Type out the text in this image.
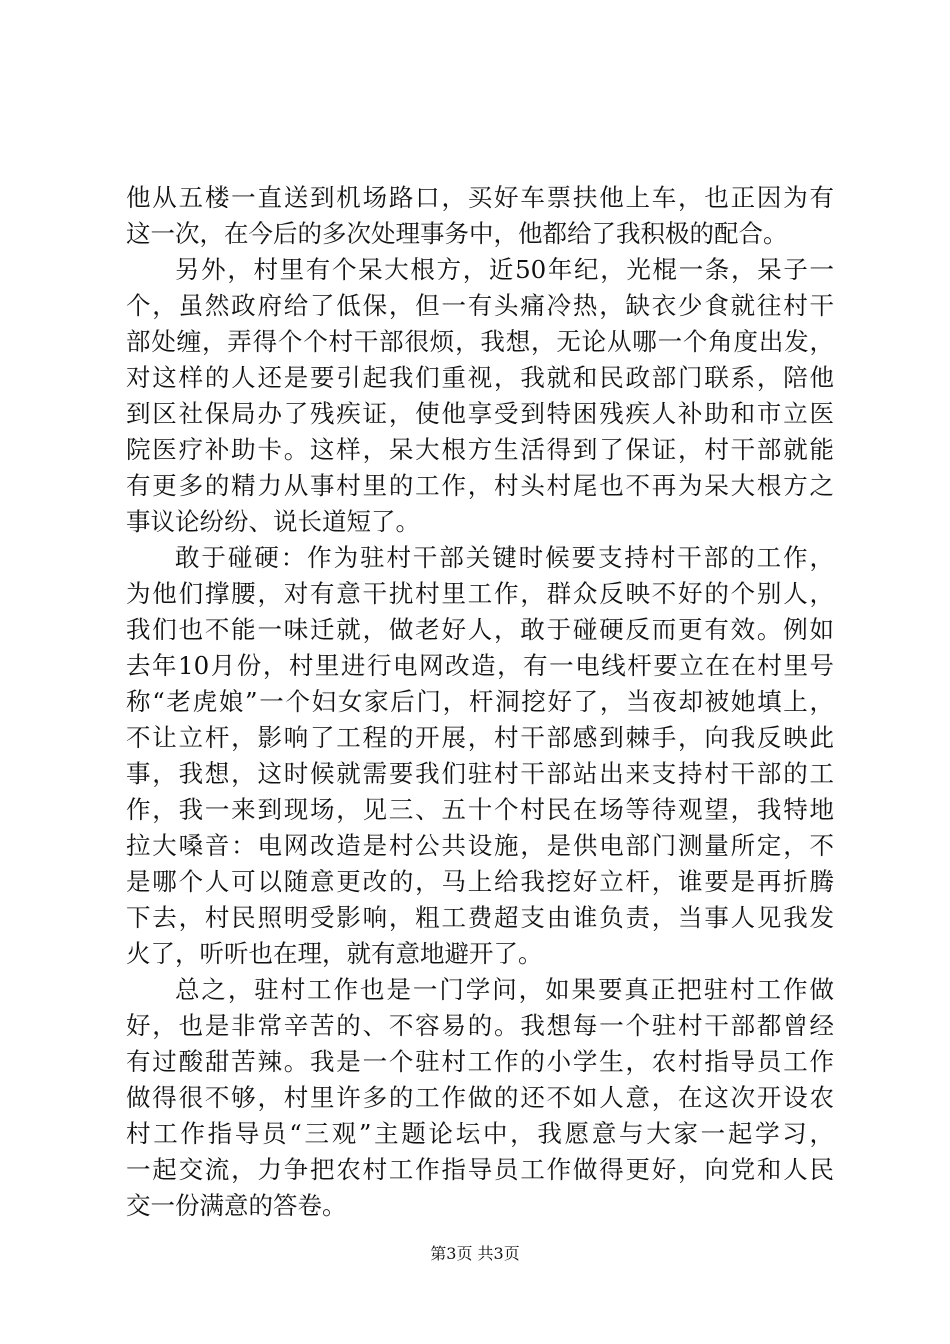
他从五楼一直送到机场路口，买好车票扶他上车，也正因为有
这一次，在今后的多次处理事务中，他都给了我积极的配合。
另外，村里有个呆大根方，近50年纪，光棍一条，呆子一
个，虽然政府给了低保，但一有头痛冷热，缺衣少食就往村干
部处缠，弄得个个村干部很烦，我想，无论从哪一个角度出发，
对这样的人还是要引起我们重视，我就和民政部门联系，陪他
到区社保局办了残疾证，使他享受到特困残疾人补助和市立医
院医疗补助卡。这样，呆大根方生活得到了保证，村干部就能
有更多的精力从事村里的工作，村头村尾也不再为呆大根方之
事议论纷纷、说长道短了。
敢于碰硬：作为驻村干部关键时候要支持村干部的工作，
为他们撑腰，对有意干扰村里工作，群众反映不好的个别人，
我们也不能一味迁就，做老好人，敢于碰硬反而更有效。例如
去年10月份，村里进行电网改造，有一电线杆要立在在村里号
称“老虎娘”一个妇女家后门，杆洞挖好了，当夜却被她填上，
不让立杆，影响了工程的开展，村干部感到棘手，向我反映此
事，我想，这时候就需要我们驻村干部站出来支持村干部的工
作，我一来到现场，见三、五十个村民在场等待观望，我特地
拉大嗓音：电网改造是村公共设施，是供电部门测量所定，不
是哪个人可以随意更改的，马上给我挖好立杆，谁要是再折腾
下去，村民照明受影响，粗工费超支由谁负责，当事人见我发
火了，听听也在理，就有意地避开了。
总之，驻村工作也是一门学问，如果要真正把驻村工作做
好，也是非常辛苦的、不容易的。我想每一个驻村干部都曾经
有过酸甜苦辣。我是一个驻村工作的小学生，农村指导员工作
做得很不够，村里许多的工作做的还不如人意，在这次开设农
村工作指导员“三观”主题论坛中，我愿意与大家一起学习，
一起交流，力争把农村工作指导员工作做得更好，向党和人民
交一份满意的答卷。
第3页 共3页
